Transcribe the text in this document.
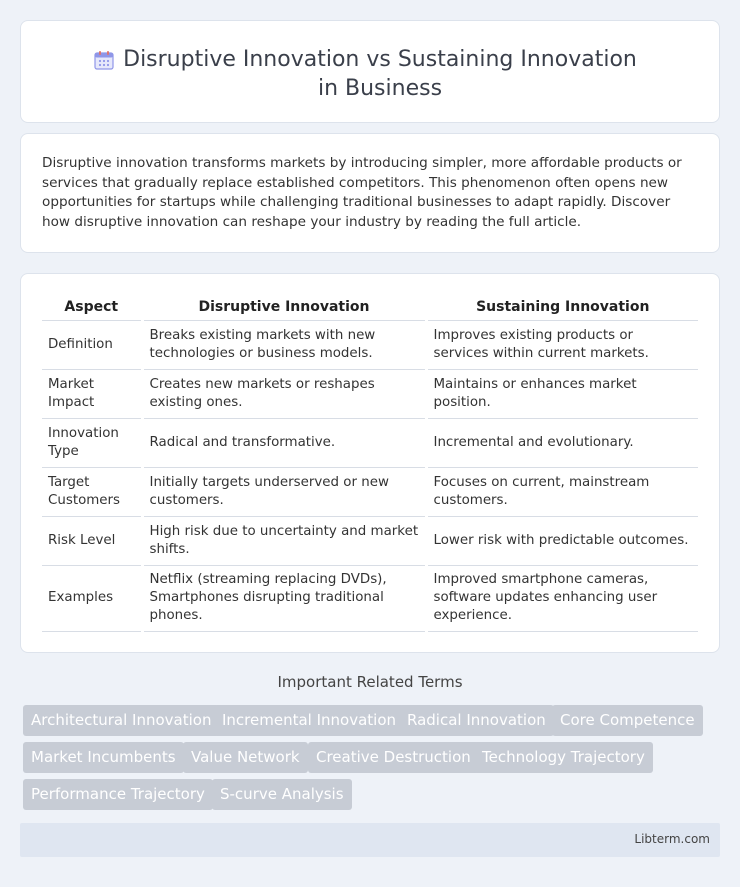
Disruptive Innovation vs Sustaining Innovation in Business

Disruptive innovation transforms markets by introducing simpler, more affordable products or services that gradually replace established competitors. This phenomenon often opens new opportunities for startups while challenging traditional businesses to adapt rapidly. Discover how disruptive innovation can reshape your industry by reading the full article.

Aspect	Disruptive Innovation	Sustaining Innovation
Definition	Breaks existing markets with new technologies or business models.	Improves existing products or services within current markets.
Market Impact	Creates new markets or reshapes existing ones.	Maintains or enhances market position.
Innovation Type	Radical and transformative.	Incremental and evolutionary.
Target Customers	Initially targets underserved or new customers.	Focuses on current, mainstream customers.
Risk Level	High risk due to uncertainty and market shifts.	Lower risk with predictable outcomes.
Examples	Netflix (streaming replacing DVDs), Smartphones disrupting traditional phones.	Improved smartphone cameras, software updates enhancing user experience.
Important Related Terms
Architectural Innovation Incremental Innovation Radical Innovation Core Competence
Market Incumbents	Value Network	Creative Destruction Technology Trajectory
Performance Trajectory	S-curve Analysis
Libterm.com
